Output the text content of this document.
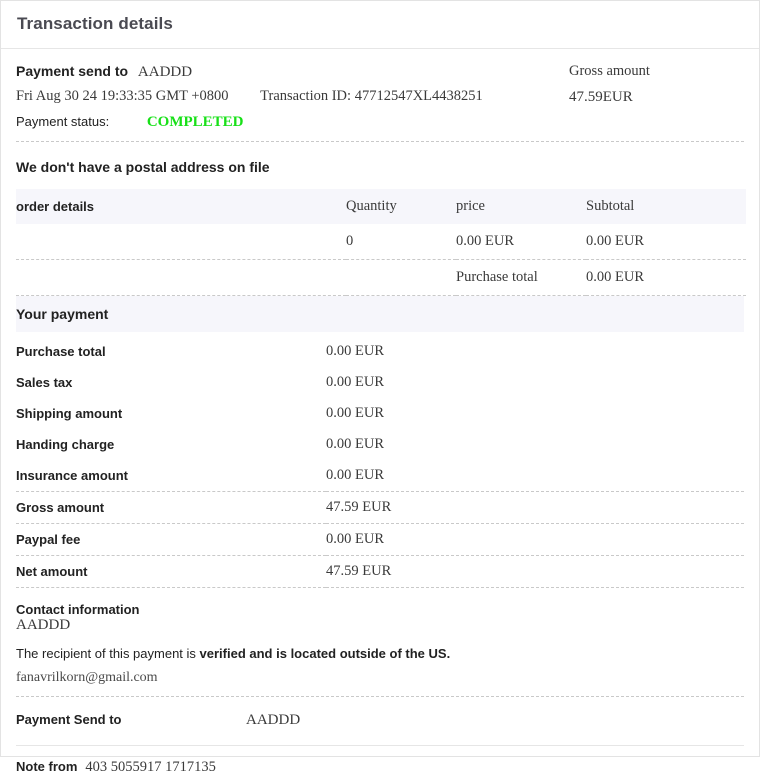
Transaction details
Payment send to AADDD
Fri Aug 30 24 19:33:35 GMT +0800 Transaction ID: 47712547XL4438251
Payment status:	COMPLETED
Gross amount
47.59EUR
We don't have a postal address on file
order details	Quantity	price	Subtotal
	0	0.00 EUR	0.00 EUR
		Purchase total	0.00 EUR
Your payment
Purchase total	0.00 EUR
Sales tax	0.00 EUR
Shipping amount	0.00 EUR
Handing charge	0.00 EUR
Insurance amount	0.00 EUR
Gross amount	47.59 EUR
Paypal fee	0.00 EUR
Net amount	47.59 EUR
Contact informationAADDD
The recipient of this payment is verified and is located outside of the US.
fanavrilkorn@gmail.com
Payment Send to	AADDD
Note from 403 5055917 1717135
